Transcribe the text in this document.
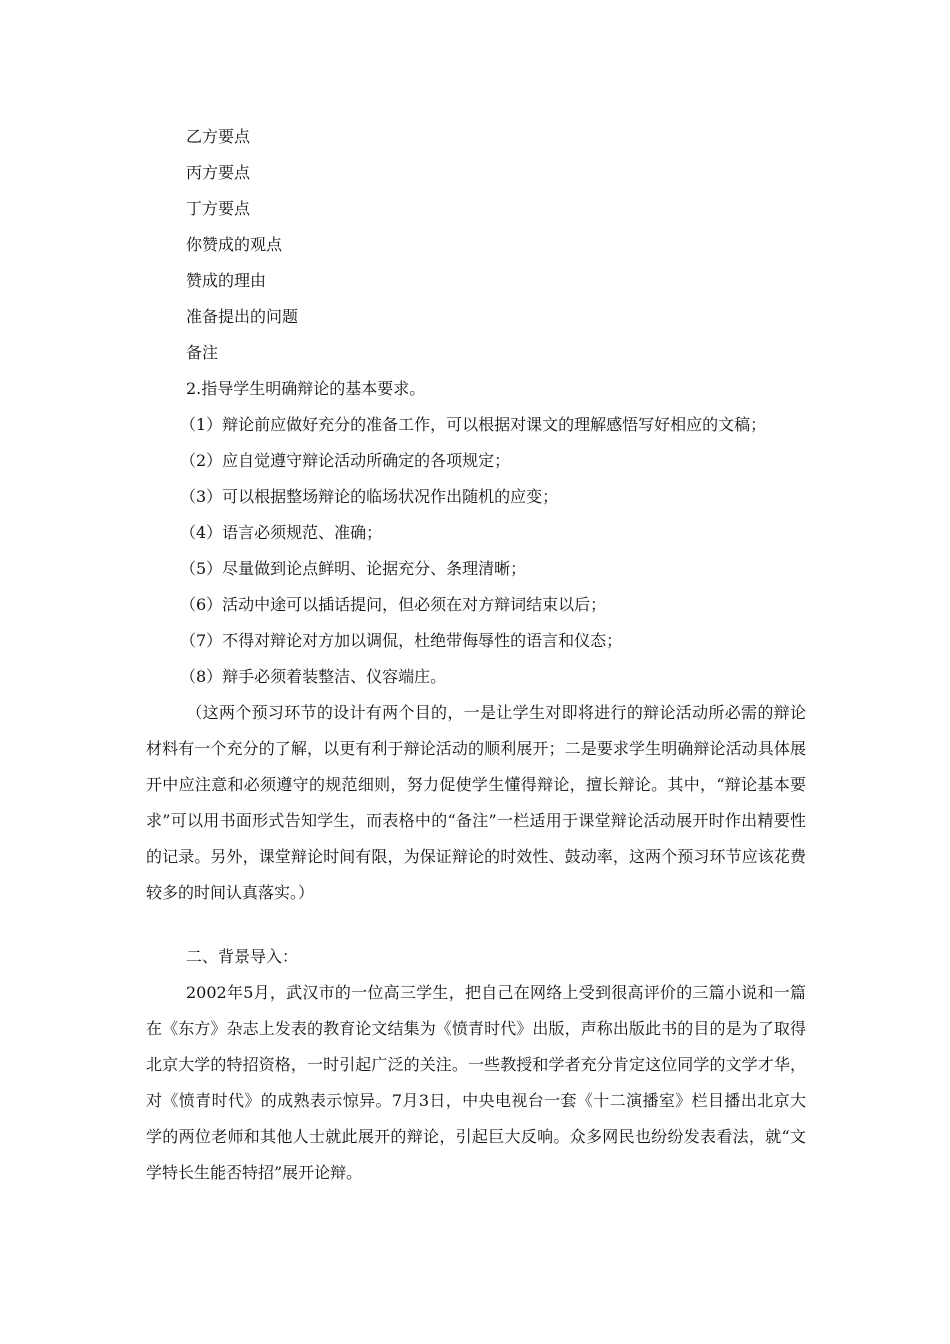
乙方要点

丙方要点

丁方要点

你赞成的观点

赞成的理由

准备提出的问题

备注

2.指导学生明确辩论的基本要求。

（1）辩论前应做好充分的准备工作，可以根据对课文的理解感悟写好相应的文稿；

（2）应自觉遵守辩论活动所确定的各项规定；

（3）可以根据整场辩论的临场状况作出随机的应变；

（4）语言必须规范、准确；

（5）尽量做到论点鲜明、论据充分、条理清晰；

（6）活动中途可以插话提问，但必须在对方辩词结束以后；

（7）不得对辩论对方加以调侃，杜绝带侮辱性的语言和仪态；

（8）辩手必须着装整洁、仪容端庄。

（这两个预习环节的设计有两个目的，一是让学生对即将进行的辩论活动所必需的辩论材料有一个充分的了解，以更有利于辩论活动的顺利展开；二是要求学生明确辩论活动具体展开中应注意和必须遵守的规范细则，努力促使学生懂得辩论，擅长辩论。其中，“辩论基本要求”可以用书面形式告知学生，而表格中的“备注”一栏适用于课堂辩论活动展开时作出精要性的记录。另外，课堂辩论时间有限，为保证辩论的时效性、鼓动率，这两个预习环节应该花费较多的时间认真落实。）

二、背景导入：

2002年5月，武汉市的一位高三学生，把自己在网络上受到很高评价的三篇小说和一篇在《东方》杂志上发表的教育论文结集为《愤青时代》出版，声称出版此书的目的是为了取得北京大学的特招资格，一时引起广泛的关注。一些教授和学者充分肯定这位同学的文学才华，对《愤青时代》的成熟表示惊异。7月3日，中央电视台一套《十二演播室》栏目播出北京大学的两位老师和其他人士就此展开的辩论，引起巨大反响。众多网民也纷纷发表看法，就“文学特长生能否特招”展开论辩。
